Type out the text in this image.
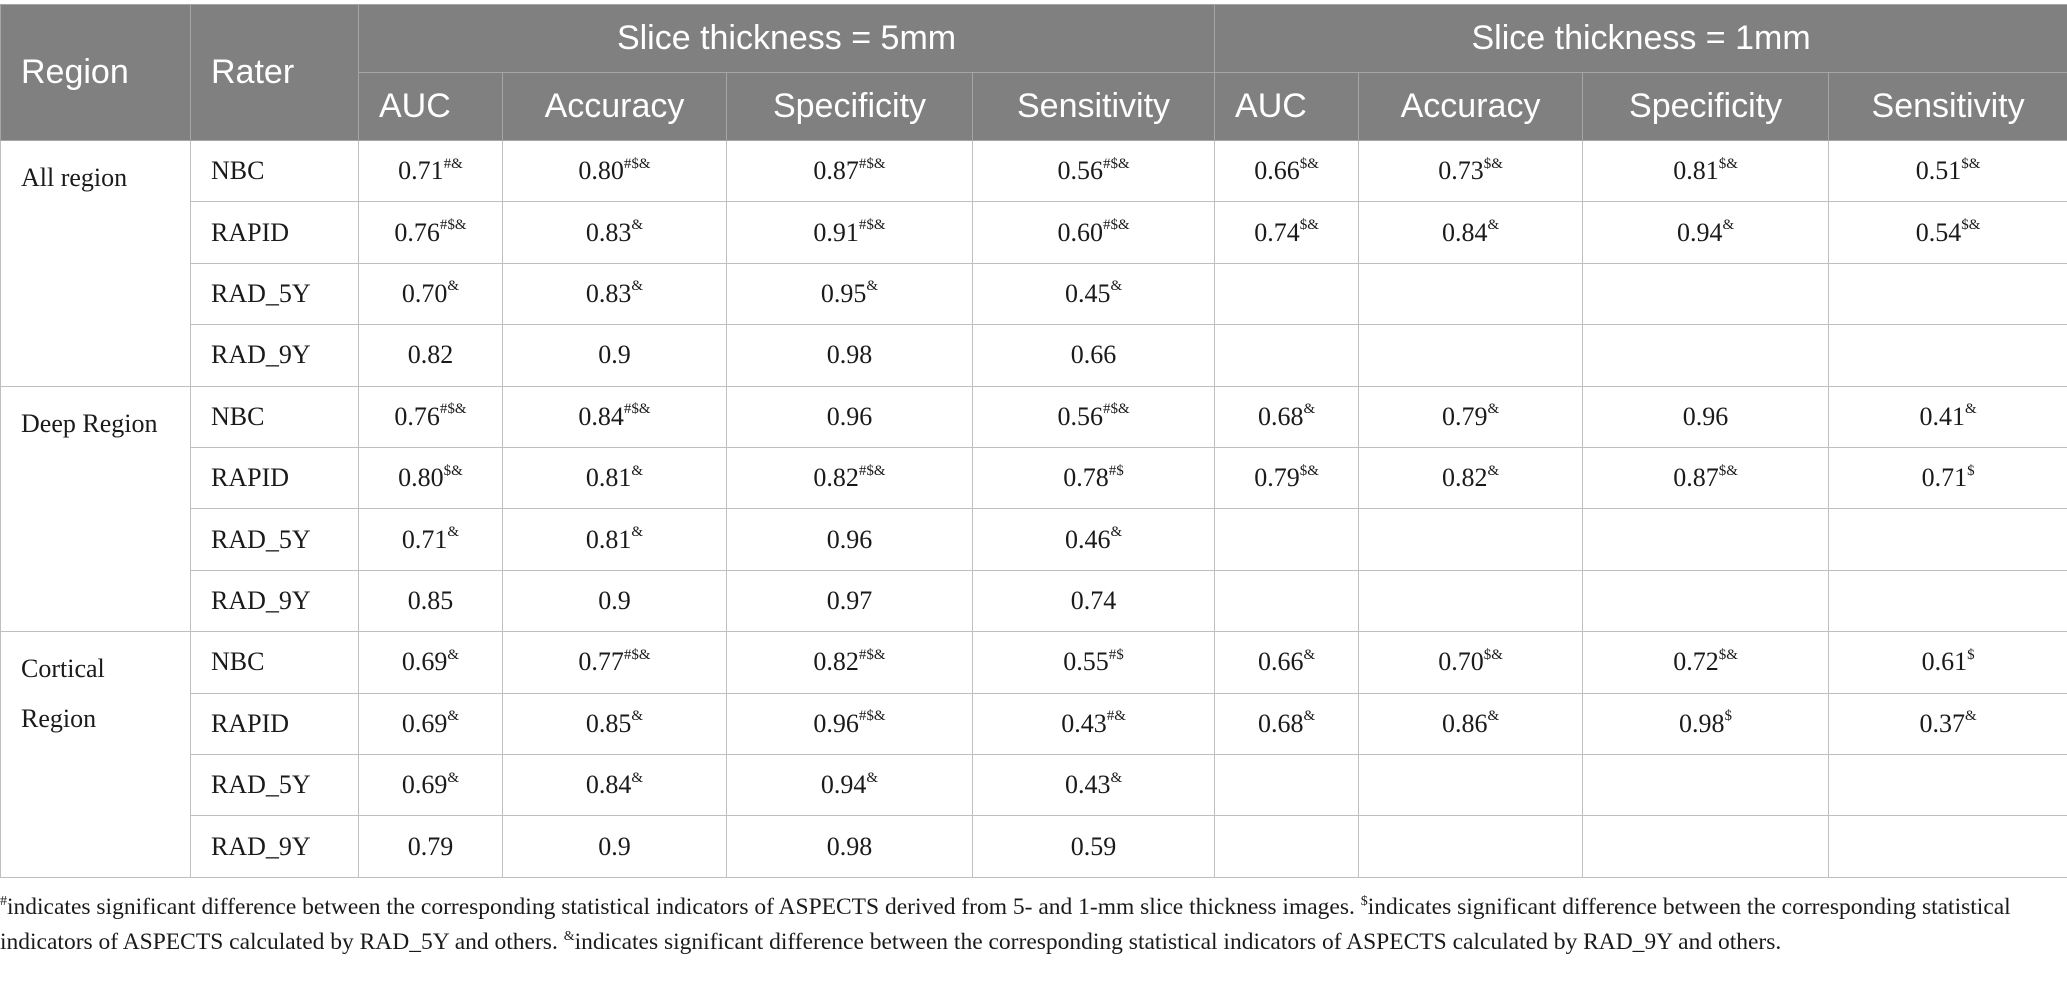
Region	Rater	Slice thickness = 5mm				Slice thickness = 1mm			
		AUC	Accuracy	Specificity	Sensitivity	AUC	Accuracy	Specificity	Sensitivity
All region	NBC	0.71#&	0.80#$&	0.87#$&	0.56#$&	0.66$&	0.73$&	0.81$&	0.51$&
	RAPID	0.76#$&	0.83&	0.91#$&	0.60#$&	0.74$&	0.84&	0.94&	0.54$&
	RAD_5Y	0.70&	0.83&	0.95&	0.45&				
	RAD_9Y	0.82	0.9	0.98	0.66				
Deep Region	NBC	0.76#$&	0.84#$&	0.96	0.56#$&	0.68&	0.79&	0.96	0.41&
	RAPID	0.80$&	0.81&	0.82#$&	0.78#$	0.79$&	0.82&	0.87$&	0.71$
	RAD_5Y	0.71&	0.81&	0.96	0.46&				
	RAD_9Y	0.85	0.9	0.97	0.74				
Cortical Region	NBC	0.69&	0.77#$&	0.82#$&	0.55#$	0.66&	0.70$&	0.72$&	0.61$
	RAPID	0.69&	0.85&	0.96#$&	0.43#&	0.68&	0.86&	0.98$	0.37&
	RAD_5Y	0.69&	0.84&	0.94&	0.43&				
	RAD_9Y	0.79	0.9	0.98	0.59				
#indicates significant difference between the corresponding statistical indicators of ASPECTS derived from 5- and 1-mm slice thickness images. $indicates significant difference between the corresponding statistical indicators of ASPECTS calculated by RAD_5Y and others. &indicates significant difference between the corresponding statistical indicators of ASPECTS calculated by RAD_9Y and others.
